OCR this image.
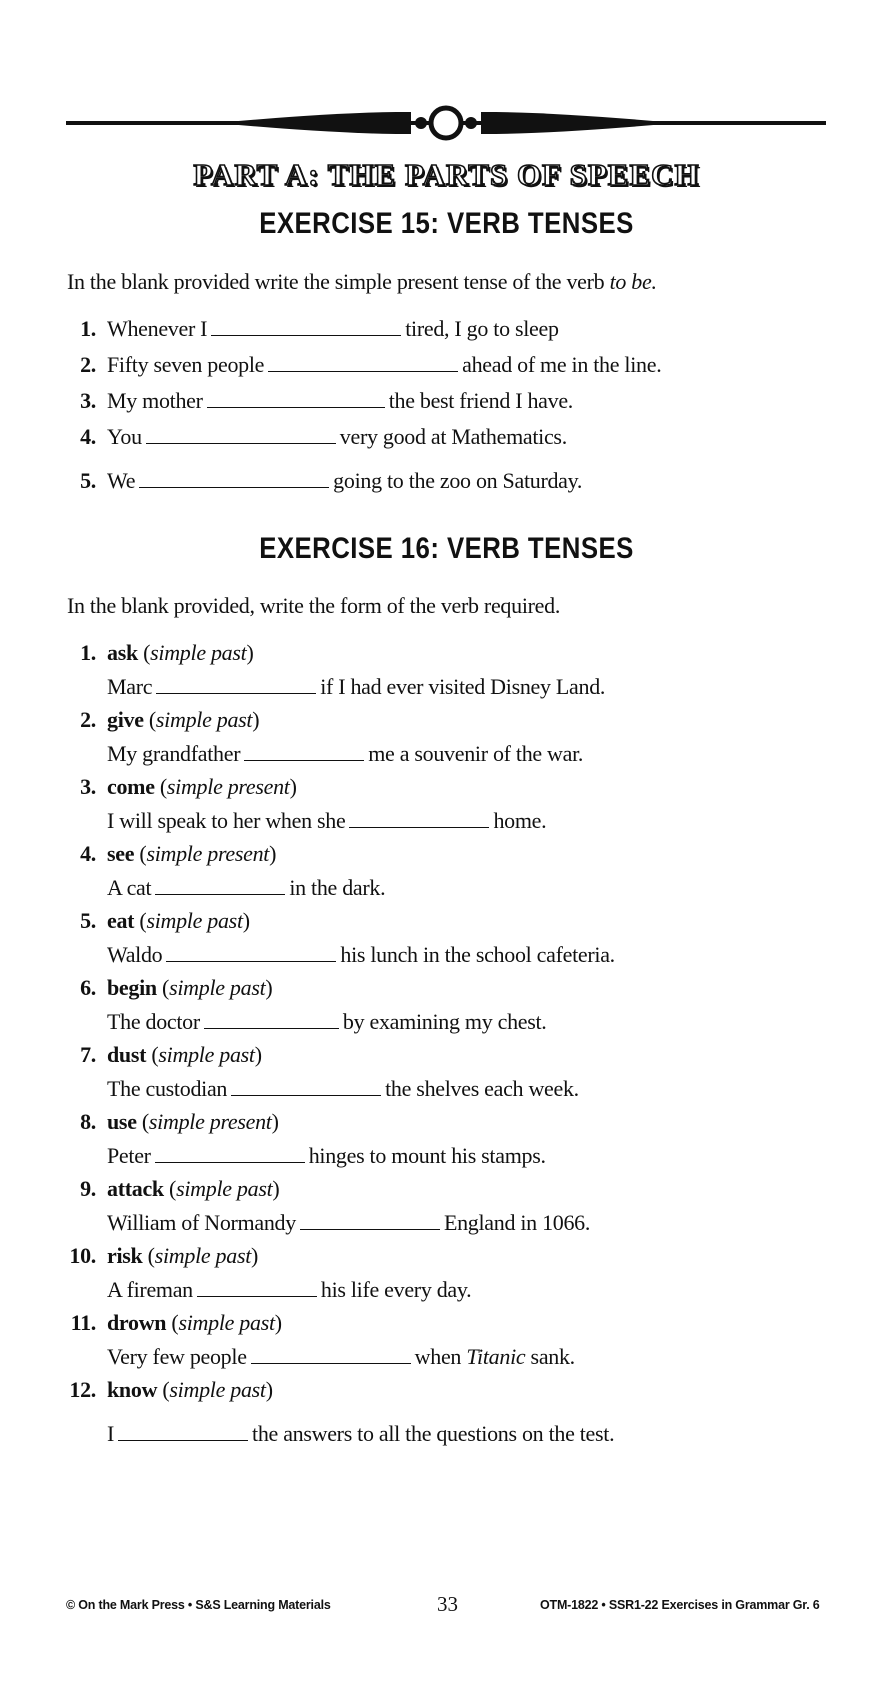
PART A: THE PARTS OF SPEECH
EXERCISE 15: VERB TENSES
In the blank provided write the simple present tense of the verb to be.
1. Whenever I	tired, I go to sleep
2. Fifty seven people	ahead of me in the line.
3. My mother	the best friend I have.
4. You	very good at Mathematics.
5. We	going to the zoo on Saturday.
EXERCISE 16: VERB TENSES
In the blank provided, write the form of the verb required.
1. ask (simple past)
Marc	if I had ever visited Disney Land.
2. give (simple past)
My grandfather	me a souvenir of the war.
3. come (simple present)
I will speak to her when she	home.
4. see (simple present)
A cat	in the dark.
5. eat (simple past)
Waldo	his lunch in the school cafeteria.
6. begin (simple past)
The doctor	by examining my chest.
7. dust (simple past)
The custodian	the shelves each week.
8. use (simple present)
Peter	hinges to mount his stamps.
9. attack (simple past)
William of Normandy	England in 1066.
10. risk (simple past)
A fireman	his life every day.
11. drown (simple past)
Very few people	when Titanic sank.
12. know (simple past)
I	the answers to all the questions on the test.
© On the Mark Press • S&S Learning Materials	33	OTM-1822 • SSR1-22 Exercises in Grammar Gr. 6
